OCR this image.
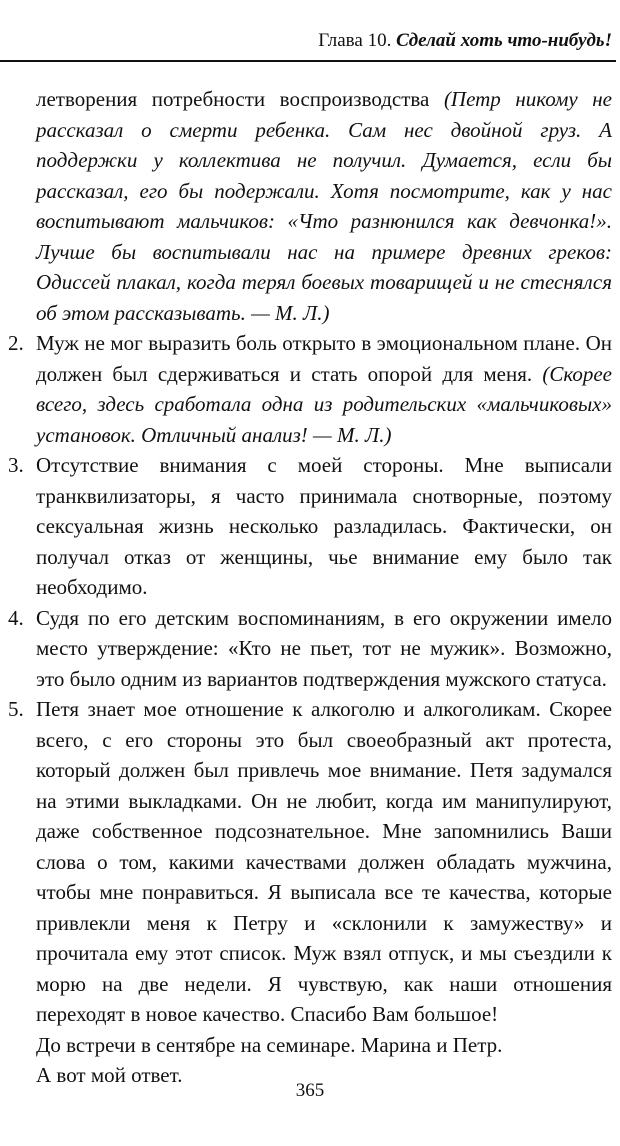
Глава 10. Сделай хоть что-нибудь!

летворения потребности воспроизводства (Петр никому не рассказал о смерти ребенка. Сам нес двойной груз. А поддержки у коллектива не получил. Думается, если бы рассказал, его бы подержали. Хотя посмотрите, как у нас воспитывают мальчиков: «Что разнюнился как девчонка!». Лучше бы воспитывали нас на примере древних греков: Одиссей плакал, когда терял боевых товарищей и не стеснялся об этом рассказывать. — М. Л.)

2. Муж не мог выразить боль открыто в эмоциональном плане. Он должен был сдерживаться и стать опорой для меня. (Скорее всего, здесь сработала одна из родительских «мальчиковых» установок. Отличный анализ! — М. Л.)

3. Отсутствие внимания с моей стороны. Мне выписали транквилизаторы, я часто принимала снотворные, поэтому сексуальная жизнь несколько разладилась. Фактически, он получал отказ от женщины, чье внимание ему было так необходимо.

4. Судя по его детским воспоминаниям, в его окружении имело место утверждение: «Кто не пьет, тот не мужик». Возможно, это было одним из вариантов подтверждения мужского статуса.

5. Петя знает мое отношение к алкоголю и алкоголикам. Скорее всего, с его стороны это был своеобразный акт протеста, который должен был привлечь мое внимание. Петя задумался на этими выкладками. Он не любит, когда им манипулируют, даже собственное подсознательное. Мне запомнились Ваши слова о том, какими качествами должен обладать мужчина, чтобы мне понравиться. Я выписала все те качества, которые привлекли меня к Петру и «склонили к замужеству» и прочитала ему этот список. Муж взял отпуск, и мы съездили к морю на две недели. Я чувствую, как наши отношения переходят в новое качество. Спасибо Вам большое!

До встречи в сентябре на семинаре. Марина и Петр.

А вот мой ответ.

365
